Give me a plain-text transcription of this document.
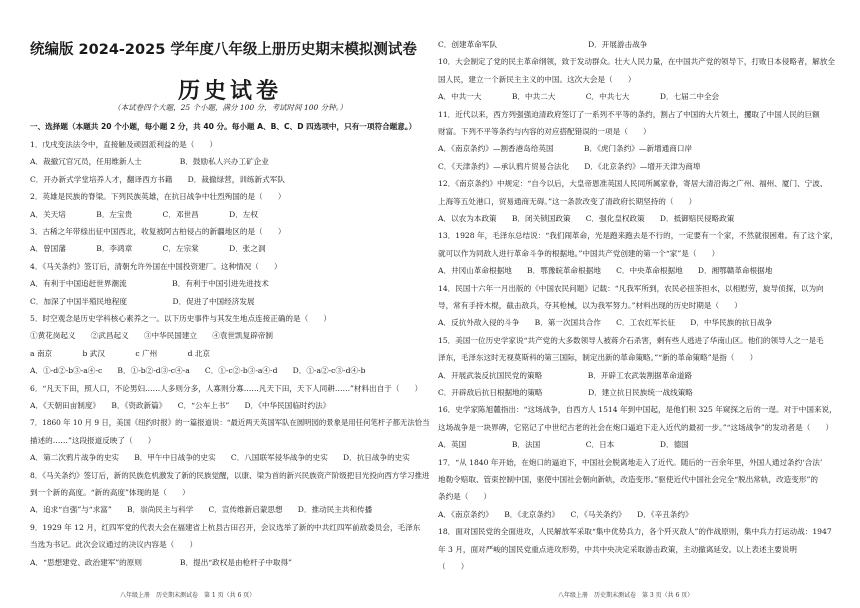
统编版 2024-2025 学年度八年级上册历史期末模拟测试卷
历史试卷
（本试卷四个大题，25 个小题，满分 100 分，考试时间 100 分钟。）
一、选择题（本题共 20 个小题，每小题 2 分，共 40 分。每小题 A、B、C、D 四选项中，只有一项符合题意。）
1．戊戌变法法令中，直接触及顽固派利益的是（　　）
A．裁撤冗官冗员，任用维新人士　　　　　B．鼓励私人兴办工矿企业
C．开办新式学堂培养人才，翻译西方书籍　　D．裁撤绿营，训练新式军队
2．英雄是民族的脊梁。下列民族英雄，在抗日战争中壮烈殉国的是（　　）
A．关天培　　　　B．左宝贵　　　　C．邓世昌　　　　D．左权
3．古稀之年带榇出征中国西北，收复被阿古柏侵占的新疆地区的是（　　）
A．曾国藩　　　　B．李鸿章　　　　C．左宗棠　　　　D．张之洞
4．《马关条约》签订后，清朝允许外国在中国投资建厂。这种情况（　　）
A．有利于中国追赶世界潮流　　　　　　B．有利于中国引进先进技术
C．加深了中国半殖民地程度　　　　　　D．促进了中国经济发展
5．时空观念是历史学科核心素养之一。以下历史事件与其发生地点连接正确的是（　　）
①黄花岗起义　　②武昌起义　　③中华民国建立　　④袁世凯复辟帝制
a 南京　　　　b 武汉　　　　c 广州　　　　d 北京
A．①-d②-b③-a④-c　　B．①-b②-d③-c④-a　　C．①-c②-b③-a④-d　　D．①-a②-c③-d④-b
6．“凡天下田，照人口，不论男妇……人多则分多，人寡则分寡……凡天下田，天下人同耕……”材料出自于（　　）
A．《天朝田亩制度》　　B．《资政新篇》　　C．“公车上书”　　D．《中华民国临时约法》
7．1860 年 10 月 9 日，美国《纽约时报》的一篇报道说：“最近两天英国军队在圆明园的景象是用任何笔杆子都无法恰当
描述的……”这段报道反映了（　　）
A．第二次鸦片战争的史实　　B．甲午中日战争的史实　　C．八国联军侵华战争的史实　　D．抗日战争的史实
8．《马关条约》签订后，新的民族危机激发了新的民族觉醒，以康、梁为首的新兴民族资产阶级把目光投向西方学习推进
到一个新的高度。“新的高度”体现的是（　　）
A．追求“自强”与“求富”　　B．崇尚民主与科学　　C．宣传维新启蒙思想　　D．推动民主共和传播
9．1929 年 12 月，红四军党的代表大会在福建省上杭县古田召开，会议选举了新的中共红四军前敌委员会，毛泽东
当选为书记。此次会议通过的决议内容是（　　）
A．“思想建党、政治建军”的原则　　　　　B．提出“政权是由枪杆子中取得”
八年级上册　历史期末测试卷　第 1 页（共 6 页）
C．创建革命军队　　　　　　　　　　　　D．开展游击战争
10．大会制定了党的民主革命纲领，致于发动群众。壮大人民力量，在中国共产党的领导下，打败日本侵略者，解放全
国人民，建立一个新民主主义的中国。这次大会是（　　）
A．中共一大　　　　B．中共二大　　　　C．中共七大　　　　D．七届二中全会
11．近代以来，西方列强强迫清政府签订了一系列不平等的条约，割占了中国的大片领土，攫取了中国人民的巨额
财富。下列不平等条约与内容的对应搭配错误的一项是（　　）
A．《南京条约》—割香港岛给英国　　　　B．《虎门条约》—新增通商口岸
C．《天津条约》—承认鸦片贸易合法化　　D．《北京条约》—增开天津为商埠
12．《南京条约》中规定：“自今以后，大皇帝恩准英国人民同所属家眷，寄居大清沿海之广州、福州、厦门、宁波、
上海等五处港口，贸易通商无碍。”这一条款改变了清政府长期坚持的（　　）
A．以农为本政策　　B．闭关锁国政策　　C．强化皇权政策　　D．抵御赔民侵略政策
13．1928 年，毛泽东总结说：“我们闹革命，光是跑来跑去是不行的，一定要有一个家，不然就很困难。有了这个家，
就可以作为同敌人进行革命斗争的根据地。”中国共产党创建的第一个“家”是（　　）
A．井冈山革命根据地　　B．鄂豫皖革命根据地　　C．中央革命根据地　　D．湘鄂赣革命根据地
14．民国十六年一月出版的《中国农民问题》记载：“凡我军所到，农民必扭茶担水，以相慰劳，旋导侦探，以为向
导，常有手持木棍，截击敌兵，夺其枪械，以为我军努力。”材料出现的历史时期是（　　）
A．反抗外敌入侵的斗争　　B．第一次国共合作　　C．工农红军长征　　D．中华民族的抗日战争
15．美国一位历史学家说“共产党的大多数领导人被蒋介石杀害，剩有些人逃进了华南山区。他们的领导人之一是毛
泽东，毛泽东这时无视莫斯科的第三国际，制定出新的革命策略。”“新的革命策略”是指（　　）
A．开展武装反抗国民党的策略　　　　　　B．开辟工农武装割据革命道路
C．开辟敌后抗日根据地的策略　　　　　　D．建立抗日民族统一战线策略
16．史学家陈旭麓指出：“这场战争，自西方人 1514 年到中国起，是他们积 325 年窥探之后的一逞。对于中国来说，
这场战争是一块界碑，它铭记了中世纪古老的社会在炮口逼迫下走入近代的最初一步。”“这场战争”的发动者是（　　）
A．英国　　　　　　B．法国　　　　　　C．日本　　　　　　D．德国
17．“从 1840 年开始，在炮口的逼迫下，中国社会脱离地走入了近代。随后的一百余年里，外国人通过条约‘合法’
地勒令赔取、管束控制中国，驱使中国社会朝向新轨，改造变形。”驱使近代中国社会完全“脱出常轨，改造变形”的
条约是（　　）
A．《南京条约》　　B．《北京条约》　　C．《马关条约》　　D．《辛丑条约》
18．面对国民党的全面进攻，人民解放军采取“集中优势兵力，各个歼灭敌人”的作战原则，集中兵力打运动战：1947
年 3 月，面对严峻的国民党重点进攻形势，中共中央决定采取游击政策，主动撤离延安。以上表述主要说明
（　　）
八年级上册　历史期末测试卷　第 3 页（共 6 页）
